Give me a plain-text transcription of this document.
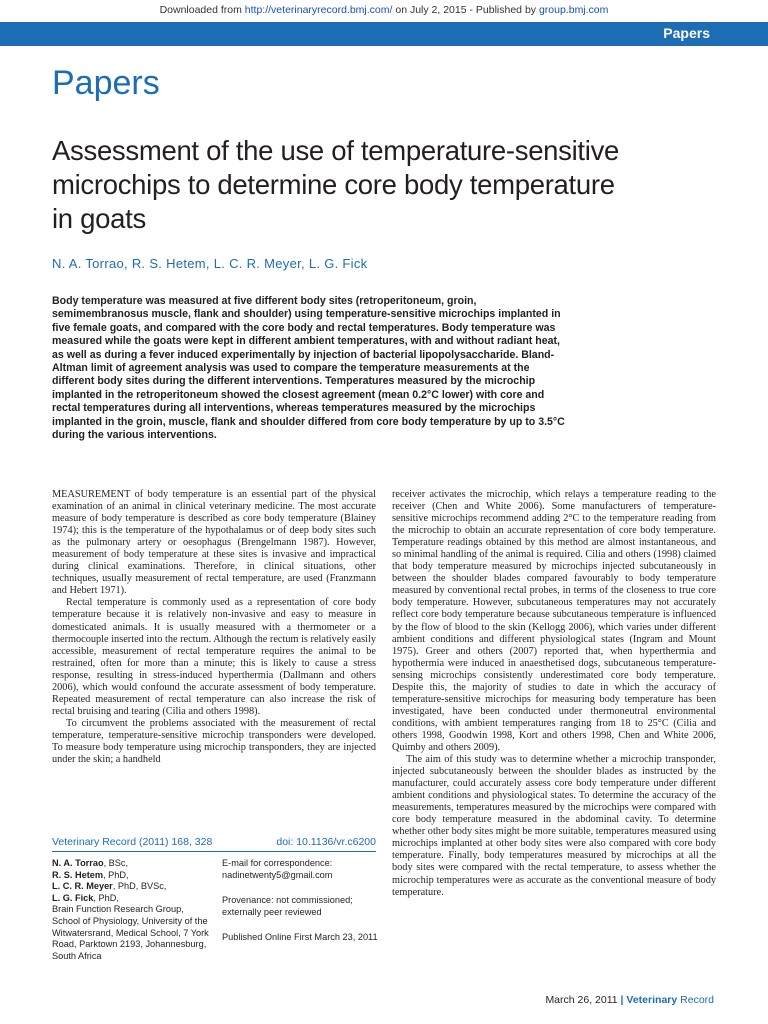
Downloaded from http://veterinaryrecord.bmj.com/ on July 2, 2015 - Published by group.bmj.com
Papers
Papers
Assessment of the use of temperature-sensitive
microchips to determine core body temperature
in goats
N. A. Torrao, R. S. Hetem, L. C. R. Meyer, L. G. Fick
Body temperature was measured at five different body sites (retroperitoneum, groin, semimembranosus muscle, flank and shoulder) using temperature-sensitive microchips implanted in five female goats, and compared with the core body and rectal temperatures. Body temperature was measured while the goats were kept in different ambient temperatures, with and without radiant heat, as well as during a fever induced experimentally by injection of bacterial lipopolysaccharide. Bland-Altman limit of agreement analysis was used to compare the temperature measurements at the different body sites during the different interventions. Temperatures measured by the microchip implanted in the retroperitoneum showed the closest agreement (mean 0.2°C lower) with core and rectal temperatures during all interventions, whereas temperatures measured by the microchips implanted in the groin, muscle, flank and shoulder differed from core body temperature by up to 3.5°C during the various interventions.

MEASUREMENT of body temperature is an essential part of the physical examination of an animal in clinical veterinary medicine. The most accurate measure of body temperature is described as core body temperature (Blainey 1974); this is the temperature of the hypothalamus or of deep body sites such as the pulmonary artery or oesophagus (Brengelmann 1987). However, measurement of body temperature at these sites is invasive and impractical during clinical examinations. Therefore, in clinical situations, other techniques, usually measurement of rectal temperature, are used (Franzmann and Hebert 1971).

Rectal temperature is commonly used as a representation of core body temperature because it is relatively non-invasive and easy to measure in domesticated animals. It is usually measured with a thermometer or a thermocouple inserted into the rectum. Although the rectum is relatively easily accessible, measurement of rectal temperature requires the animal to be restrained, often for more than a minute; this is likely to cause a stress response, resulting in stress-induced hyperthermia (Dallmann and others 2006), which would confound the accurate assessment of body temperature. Repeated measurement of rectal temperature can also increase the risk of rectal bruising and tearing (Cilia and others 1998).

To circumvent the problems associated with the measurement of rectal temperature, temperature-sensitive microchip transponders were developed. To measure body temperature using microchip transponders, they are injected under the skin; a handheld

receiver activates the microchip, which relays a temperature reading to the receiver (Chen and White 2006). Some manufacturers of temperature-sensitive microchips recommend adding 2°C to the temperature reading from the microchip to obtain an accurate representation of core body temperature. Temperature readings obtained by this method are almost instantaneous, and so minimal handling of the animal is required. Cilia and others (1998) claimed that body temperature measured by microchips injected subcutaneously in between the shoulder blades compared favourably to body temperature measured by conventional rectal probes, in terms of the closeness to true core body temperature. However, subcutaneous temperatures may not accurately reflect core body temperature because subcutaneous temperature is influenced by the flow of blood to the skin (Kellogg 2006), which varies under different ambient conditions and different physiological states (Ingram and Mount 1975). Greer and others (2007) reported that, when hyperthermia and hypothermia were induced in anaesthetised dogs, subcutaneous temperature-sensing microchips consistently underestimated core body temperature. Despite this, the majority of studies to date in which the accuracy of temperature-sensitive microchips for measuring body temperature has been investigated, have been conducted under thermoneutral environmental conditions, with ambient temperatures ranging from 18 to 25°C (Cilia and others 1998, Goodwin 1998, Kort and others 1998, Chen and White 2006, Quimby and others 2009).

The aim of this study was to determine whether a microchip transponder, injected subcutaneously between the shoulder blades as instructed by the manufacturer, could accurately assess core body temperature under different ambient conditions and physiological states. To determine the accuracy of the measurements, temperatures measured by the microchips were compared with core body temperature measured in the abdominal cavity. To determine whether other body sites might be more suitable, temperatures measured using microchips implanted at other body sites were also compared with core body temperature. Finally, body temperatures measured by microchips at all the body sites were compared with the rectal temperature, to assess whether the microchip temperatures were as accurate as the conventional measure of body temperature.

Veterinary Record (2011) 168, 328	doi: 10.1136/vr.c6200
N. A. Torrao, BSc,
R. S. Hetem, PhD,
L. C. R. Meyer, PhD, BVSc,
L. G. Fick, PhD,
Brain Function Research Group,
School of Physiology, University of the
Witwatersrand, Medical School, 7 York
Road, Parktown 2193, Johannesburg,
South Africa
E-mail for correspondence:
nadinetwenty5@gmail.com
Provenance: not commissioned;
externally peer reviewed
Published Online First March 23, 2011
March 26, 2011 | Veterinary Record
